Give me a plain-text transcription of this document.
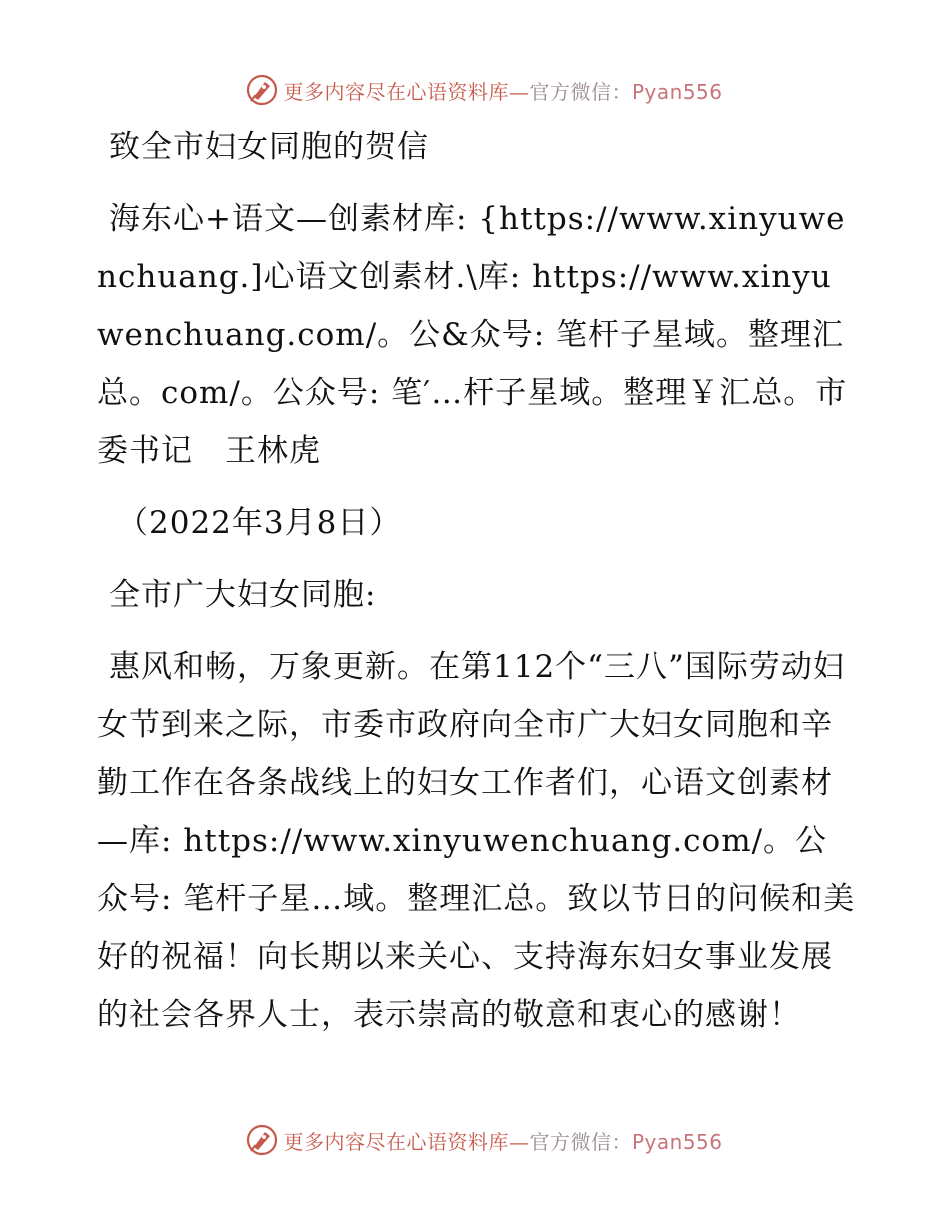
更多内容尽在心语资料库—官方微信：Pyan556

致全市妇女同胞的贺信

海东心+语文—创素材库: {https://www.xinyuwenchuang.]心语文创素材.\库: https://www.xinyuwenchuang.com/。公&众号: 笔杆子星域。整理汇总。com/。公众号: 笔′…杆子星域。整理￥汇总。市委书记　王林虎

（2022年3月8日）

全市广大妇女同胞:

惠风和畅，万象更新。在第112个“三八”国际劳动妇女节到来之际，市委市政府向全市广大妇女同胞和辛勤工作在各条战线上的妇女工作者们，心语文创素材—库: https://www.xinyuwenchuang.com/。公众号: 笔杆子星…域。整理汇总。致以节日的问候和美好的祝福！向长期以来关心、支持海东妇女事业发展的社会各界人士，表示崇高的敬意和衷心的感谢！

更多内容尽在心语资料库—官方微信：Pyan556
